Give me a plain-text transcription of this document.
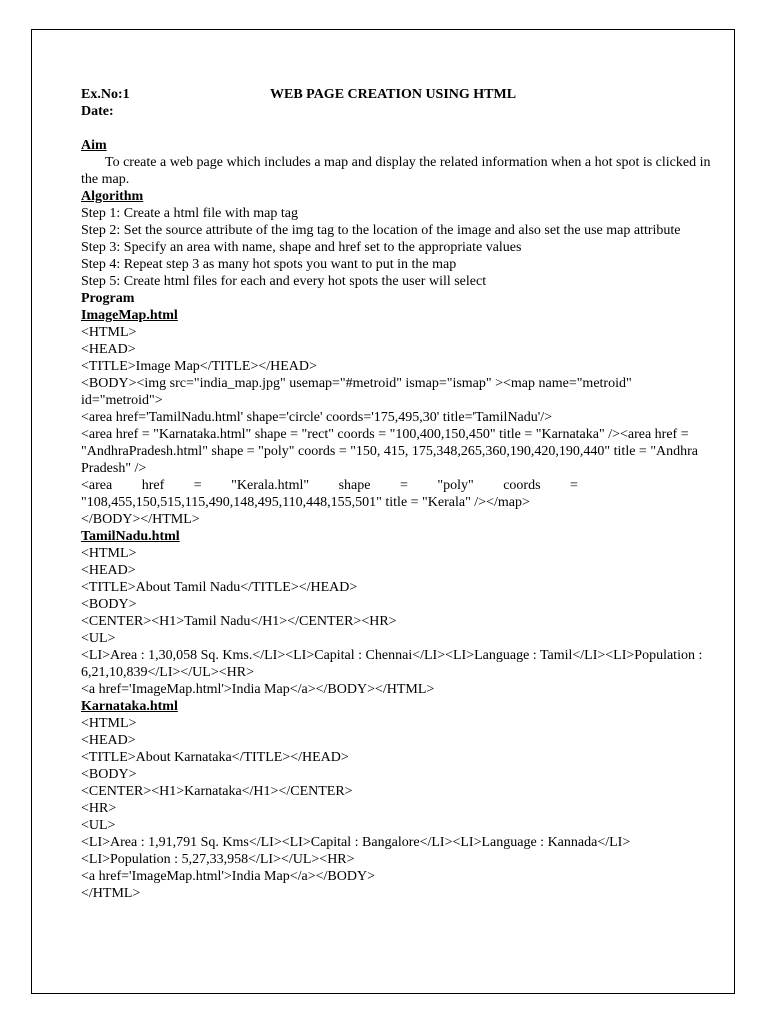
Ex.No:1	WEB PAGE CREATION USING HTML
Date:
Aim
To create a web page which includes a map and display the related information when a hot spot is clicked in the map.
Algorithm
Step 1: Create a html file with map tag
Step 2: Set the source attribute of the img tag to the location of the image and also set the use map attribute
Step 3: Specify an area with name, shape and href set to the appropriate values
Step 4: Repeat step 3 as many hot spots you want to put in the map
Step 5: Create html files for each and every hot spots the user will select
Program
ImageMap.html
<HTML>
<HEAD>
<TITLE>Image Map</TITLE></HEAD>
<BODY><img src="india_map.jpg" usemap="#metroid" ismap="ismap" ><map name="metroid" id="metroid">
<area href='TamilNadu.html' shape='circle' coords='175,495,30' title='TamilNadu'/>
<area href = "Karnataka.html" shape = "rect" coords = "100,400,150,450" title = "Karnataka" /><area href = "AndhraPradesh.html" shape = "poly" coords = "150, 415, 175,348,265,360,190,420,190,440" title = "Andhra Pradesh" />
<area href = "Kerala.html" shape = "poly" coords =
"108,455,150,515,115,490,148,495,110,448,155,501" title = "Kerala" /></map>
</BODY></HTML>
TamilNadu.html
<HTML>
<HEAD>
<TITLE>About Tamil Nadu</TITLE></HEAD>
<BODY>
<CENTER><H1>Tamil Nadu</H1></CENTER><HR>
<UL>
<LI>Area : 1,30,058 Sq. Kms.</LI><LI>Capital : Chennai</LI><LI>Language : Tamil</LI><LI>Population : 6,21,10,839</LI></UL><HR>
<a href='ImageMap.html'>India Map</a></BODY></HTML>
Karnataka.html
<HTML>
<HEAD>
<TITLE>About Karnataka</TITLE></HEAD>
<BODY>
<CENTER><H1>Karnataka</H1></CENTER>
<HR>
<UL>
<LI>Area : 1,91,791 Sq. Kms</LI><LI>Capital : Bangalore</LI><LI>Language : Kannada</LI><LI>Population : 5,27,33,958</LI></UL><HR>
<a href='ImageMap.html'>India Map</a></BODY>
</HTML>
